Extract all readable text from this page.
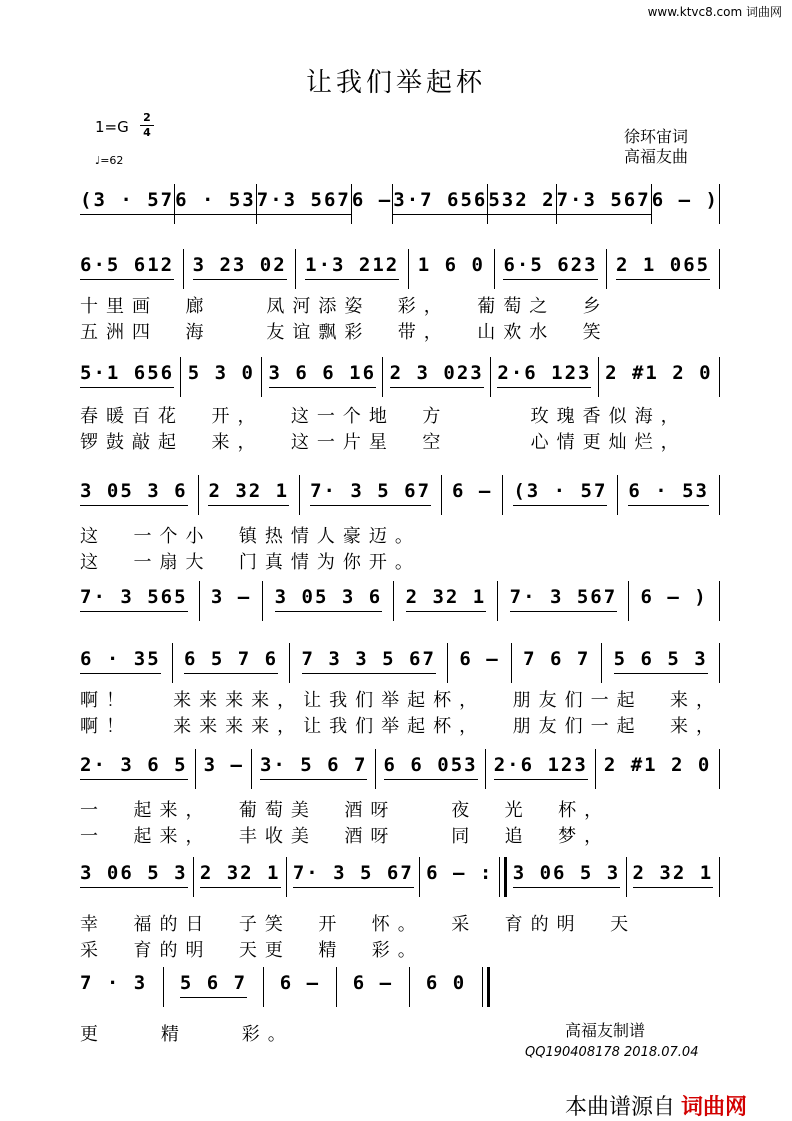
www.ktvc8.com 词曲网
让我们举起杯
1=G
2
4
♩=62
徐环宙词
高福友曲
(3 · 57 6 · 53 7·3 567 6 – 3·7 656 532 2 7·3 567 6 – )
6·5 612 3 23 02 1·3 212 1 6 0 6·5 623 2 1 065
十里画  廊    凤河添姿  彩，  葡萄之  乡
五洲四  海    友谊飘彩  带，  山欢水  笑
5·1 656 5 3 0 3 6 6 16 2 3 023 2·6 123 2 #1 2 0
春暖百花  开，  这一个地  方      玫瑰香似海，
锣鼓敲起  来，  这一片星  空      心情更灿烂，
3 05 3 6 2 32 1 7· 3 5 67 6 – (3 · 57 6 · 53
这  一个小  镇热情人豪迈。
这  一扇大  门真情为你开。
7· 3 565 3 – 3 05 3 6 2 32 1 7· 3 567 6 – )
6 · 35 6 5 7 6 7 3 3 5 67 6 – 7 6 7 5 6 5 3
啊！   来来来来，让我们举起杯，  朋友们一起  来，
啊！   来来来来，让我们举起杯，  朋友们一起  来，
2· 3 6 5 3 – 3· 5 6 7 6 6 053 2·6 123 2 #1 2 0
一  起来，  葡萄美  酒呀    夜  光  杯，
一  起来，  丰收美  酒呀    同  追  梦，
3 06 5 3 2 32 1 7· 3 5 67 6 – : 3 06 5 3 2 32 1
幸  福的日  子笑  开  怀。  采  育的明  天
采  育的明  天更  精  彩。
7 · 3 5 6 7 6 – 6 – 6 0
更    精    彩。	高福友制谱
QQ190408178 2018.07.04
本曲谱源自 词曲网
